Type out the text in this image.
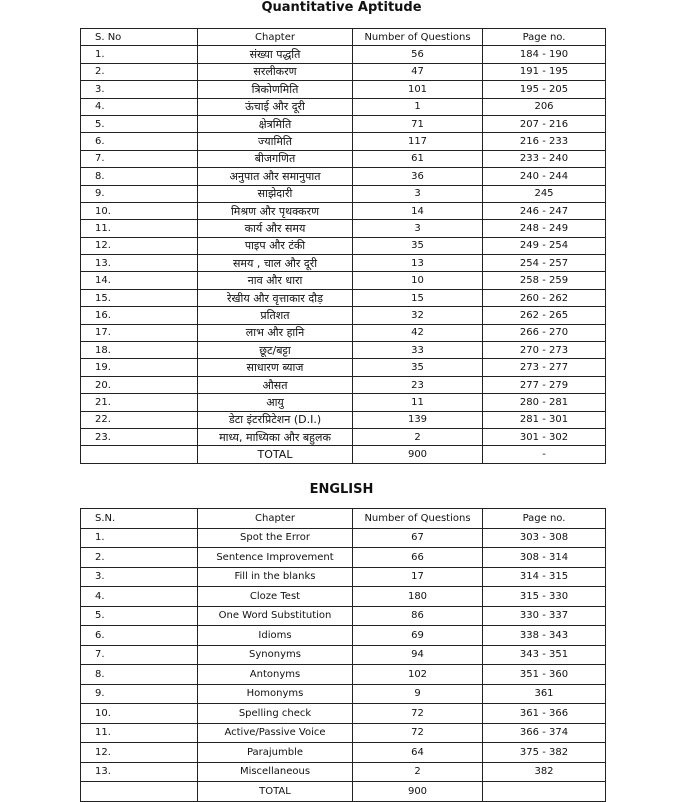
Quantitative Aptitude
S. No	Chapter	Number of Questions	Page no.
1.	संख्या पद्धति	56	184 - 190
2.	सरलीकरण	47	191 - 195
3.	त्रिकोणमिति	101	195 - 205
4.	ऊंचाई और दूरी	1	206
5.	क्षेत्रमिति	71	207 - 216
6.	ज्यामिति	117	216 - 233
7.	बीजगणित	61	233 - 240
8.	अनुपात और समानुपात	36	240 - 244
9.	साझेदारी	3	245
10.	मिश्रण और पृथक्करण	14	246 - 247
11.	कार्य और समय	3	248 - 249
12.	पाइप और टंकी	35	249 - 254
13.	समय , चाल और दूरी	13	254 - 257
14.	नाव और धारा	10	258 - 259
15.	रेखीय और वृत्ताकार दौड़	15	260 - 262
16.	प्रतिशत	32	262 - 265
17.	लाभ और हानि	42	266 - 270
18.	छूट/बट्टा	33	270 - 273
19.	साधारण ब्याज	35	273 - 277
20.	औसत	23	277 - 279
21.	आयु	11	280 - 281
22.	डेटा इंटरप्रिटेशन (D.I.)	139	281 - 301
23.	माध्य, माध्यिका और बहुलक	2	301 - 302
	TOTAL	900	-
ENGLISH
S.N.	Chapter	Number of Questions	Page no.
1.	Spot the Error	67	303 - 308
2.	Sentence Improvement	66	308 - 314
3.	Fill in the blanks	17	314 - 315
4.	Cloze Test	180	315 - 330
5.	One Word Substitution	86	330 - 337
6.	Idioms	69	338 - 343
7.	Synonyms	94	343 - 351
8.	Antonyms	102	351 - 360
9.	Homonyms	9	361
10.	Spelling check	72	361 - 366
11.	Active/Passive Voice	72	366 - 374
12.	Parajumble	64	375 - 382
13.	Miscellaneous	2	382
	TOTAL	900	
